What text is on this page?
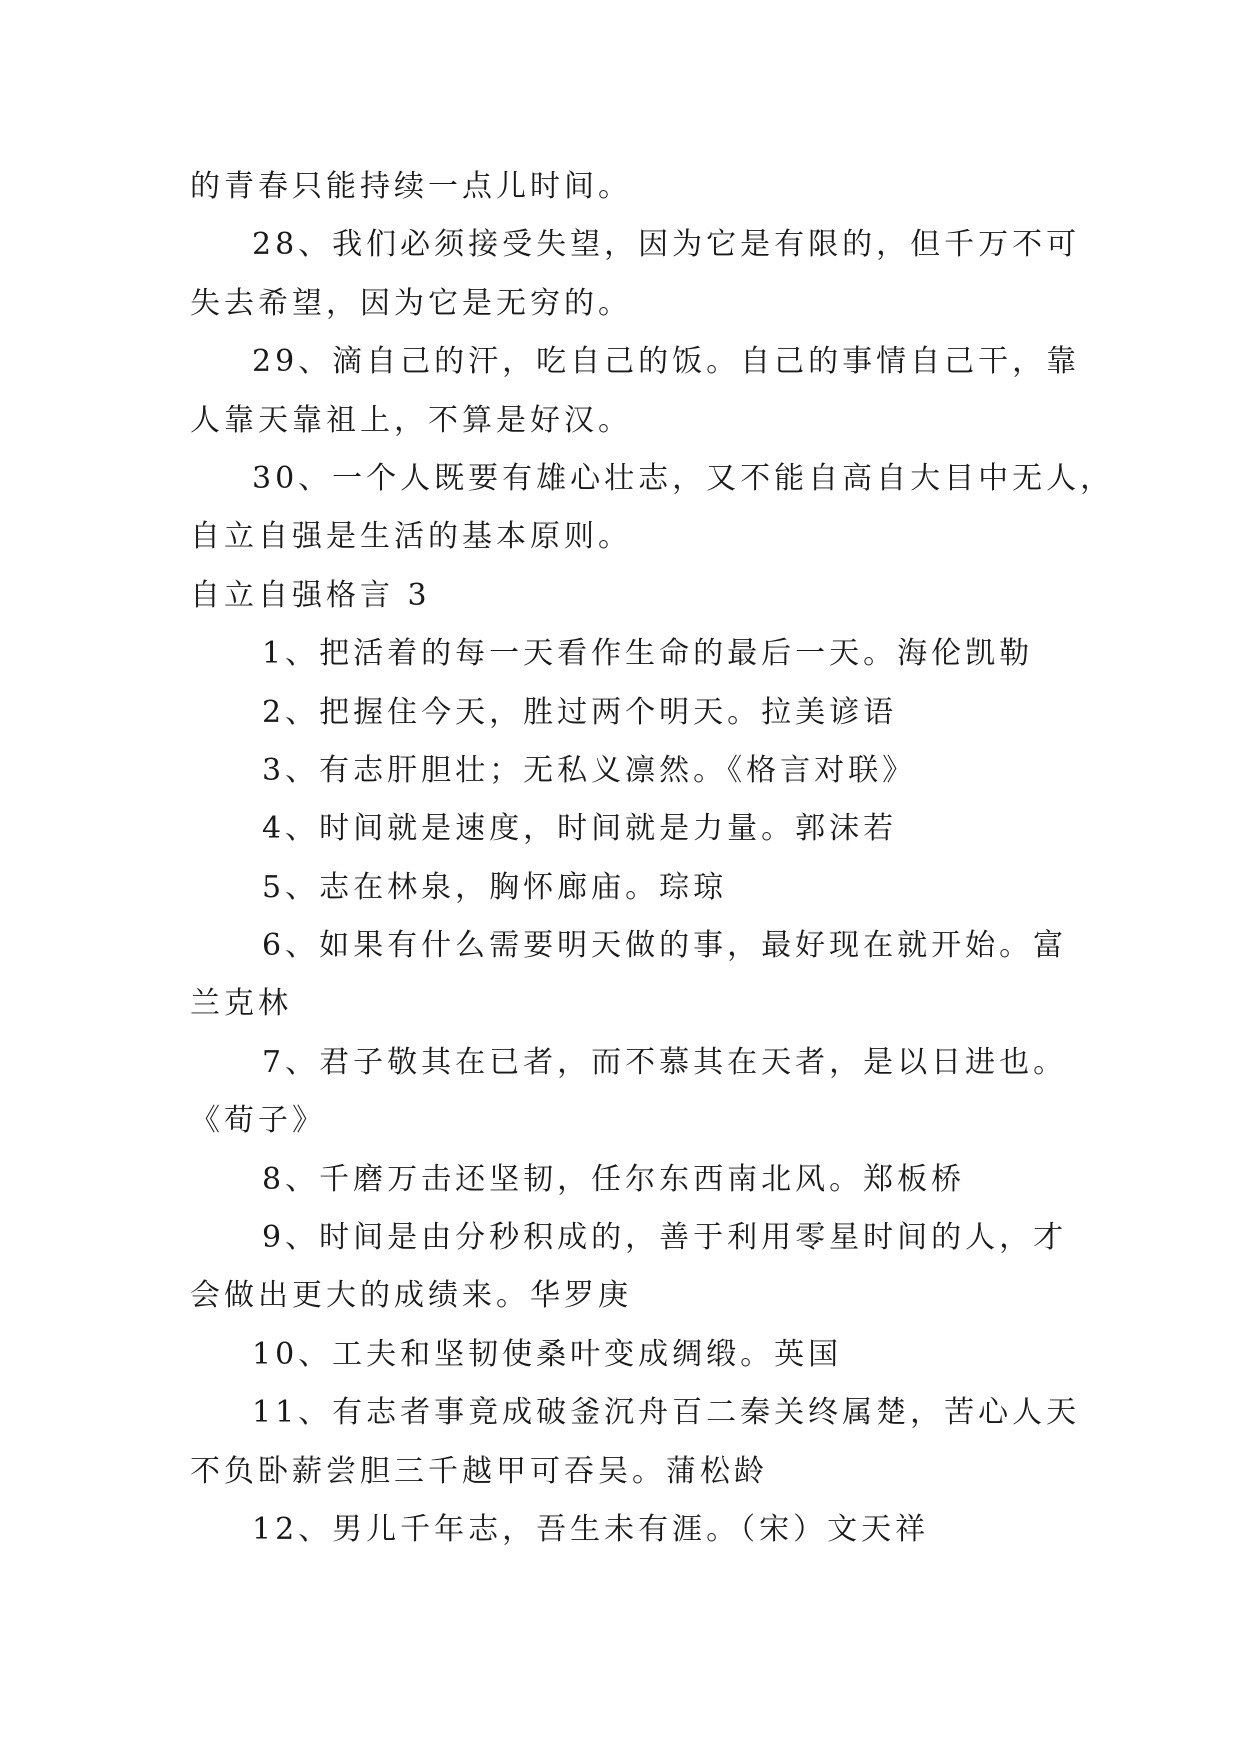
的青春只能持续一点儿时间。
28、我们必须接受失望，因为它是有限的，但千万不可
失去希望，因为它是无穷的。
29、滴自己的汗，吃自己的饭。自己的事情自己干，靠
人靠天靠祖上，不算是好汉。
30、一个人既要有雄心壮志，又不能自高自大目中无人，
自立自强是生活的基本原则。
自立自强格言 3
1、把活着的每一天看作生命的最后一天。海伦凯勒
2、把握住今天，胜过两个明天。拉美谚语
3、有志肝胆壮；无私义凛然。《格言对联》
4、时间就是速度，时间就是力量。郭沫若
5、志在林泉，胸怀廊庙。琮琼
6、如果有什么需要明天做的事，最好现在就开始。富
兰克林
7、君子敬其在已者，而不慕其在天者，是以日进也。
《荀子》
8、千磨万击还坚韧，任尔东西南北风。郑板桥
9、时间是由分秒积成的，善于利用零星时间的人，才
会做出更大的成绩来。华罗庚
10、工夫和坚韧使桑叶变成绸缎。英国
11、有志者事竟成破釜沉舟百二秦关终属楚，苦心人天
不负卧薪尝胆三千越甲可吞吴。蒲松龄
12、男儿千年志，吾生未有涯。（宋）文天祥
